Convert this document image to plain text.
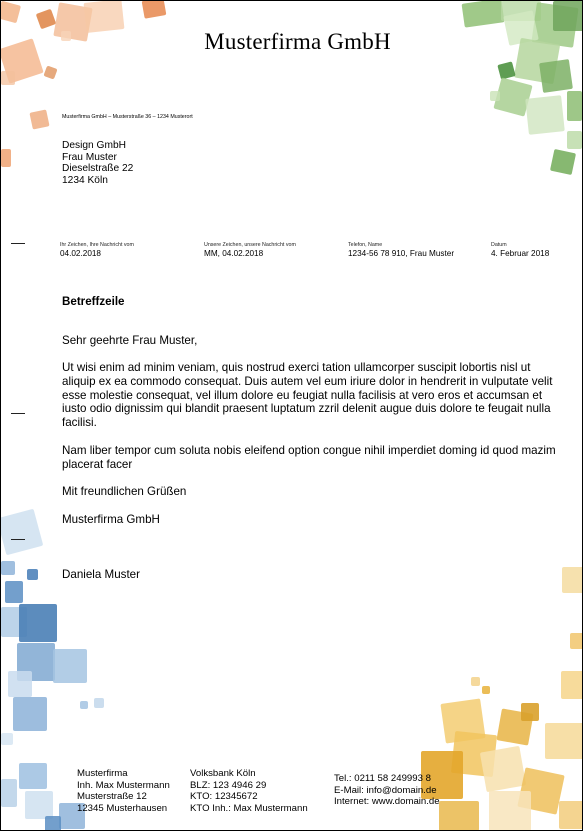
Musterfirma GmbH
Musterfirma GmbH – Musterstraße 36 – 1234 Musterort
Design GmbH
Frau Muster
Dieselstraße 22
1234 Köln
Ihr Zeichen, Ihre Nachricht vom
04.02.2018
Unsere Zeichen, unsere Nachricht vom
MM, 04.02.2018
Telefon, Name
1234-56 78 910, Frau Muster
Datum
4. Februar 2018
Betreffzeile
Sehr geehrte Frau Muster,
Ut wisi enim ad minim veniam, quis nostrud exerci tation ullamcorper suscipit lobortis nisl ut aliquip ex ea commodo consequat. Duis autem vel eum iriure dolor in hendrerit in vulputate velit esse molestie consequat, vel illum dolore eu feugiat nulla facilisis at vero eros et accumsan et iusto odio dignissim qui blandit praesent luptatum zzril delenit augue duis dolore te feugait nulla facilisi.
Nam liber tempor cum soluta nobis eleifend option congue nihil imperdiet doming id quod mazim placerat facer
Mit freundlichen Grüßen
Musterfirma GmbH
Daniela Muster
Musterfirma
Inh. Max Mustermann
Musterstraße 12
12345 Musterhausen
Volksbank Köln
BLZ: 123 4946 29
KTO: 12345672
KTO Inh.: Max Mustermann
Tel.: 0211 58 249993 8
E-Mail: info@domain.de
Internet: www.domain.de
